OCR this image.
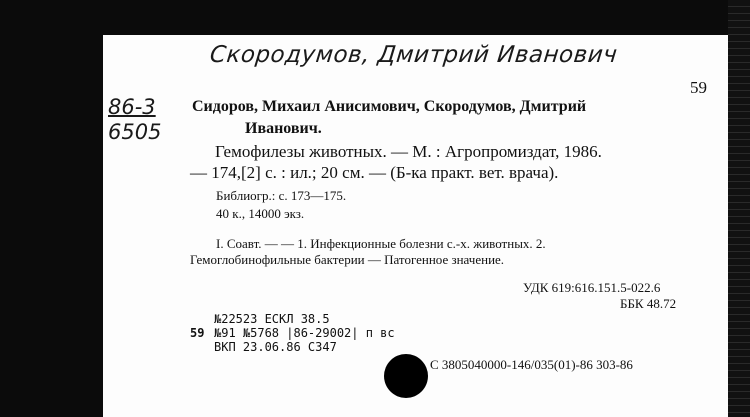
Скородумов, Дмитрий Иванович
86-3
6505
59
Сидоров, Михаил Анисимович, Скородумов, Дмитрий
Иванович.
Гемофилезы животных. — М. : Агропромиздат, 1986.
— 174,[2] с. : ил.; 20 см. — (Б-ка практ. вет. врача).
Библиогр.: с. 173—175.
40 к., 14000 экз.
I. Соавт. — — 1. Инфекционные болезни с.-х. животных. 2.
Гемоглобинофильные бактерии — Патогенное значение.
УДК 619:616.151.5-022.6
ББК 48.72
№22523 ЕСКЛ 38.5
59 №91 №5768 |86-29002| п вс
ВКП 23.06.86 С347
С 3805040000-146/035(01)-86 303-86
